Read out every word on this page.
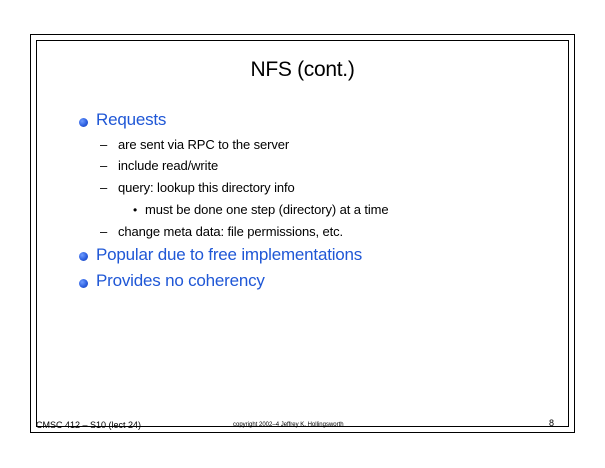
NFS (cont.)
Requests
– are sent via RPC to the server
– include read/write
– query: lookup this directory info
• must be done one step (directory) at a time
– change meta data: file permissions, etc.
Popular due to free implementations
Provides no coherency
CMSC 412 – S10 (lect 24)	copyright 2002–4 Jeffrey K. Hollingsworth	8
